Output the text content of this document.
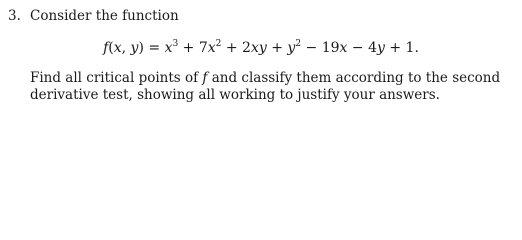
3. Consider the function
f(x, $y) = x^3 + 7x^2 + 2xy + y^2 - 19x - 4y + 1$.
Find all critical points of f and classify them according to the second
derivative test, showing all working to justify your answers.
